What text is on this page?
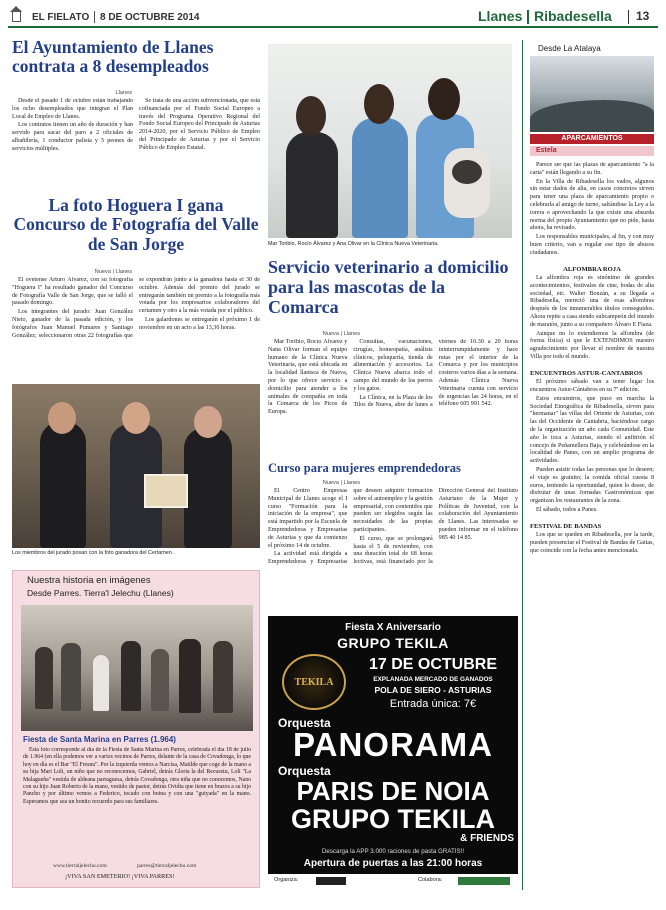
EL FIELATO 8 DE OCTUBRE 2014	Llanes Ribadesella 13
El Ayuntamiento de Llanes contrata a 8 desempleados
Llanes

Desde el pasado 1 de octubre están trabajando los ocho desempleados que integran el Plan Local de Empleo de Llanes.

Los contratos tienen un año de duración y han servido para sacar del paro a 2 oficiales de albañilería, 1 conductor palista y 5 peones de servicios múltiples.

Se trata de una acción subvencionada, que está cofinanciada por el Fondo Social Europeo a través del Programa Operativo Regional del Fondo Social Europeo del Principado de Asturias 2014-2020, por el Servicio Público de Empleo del Principado de Asturias y por el Servicio Público de Empleo Estatal.

La foto Hoguera I gana Concurso de Fotografía del Valle de San Jorge
Nueva | Llanes

El ovetense Arturo Álvarez, con su fotografía "Hoguera I" ha resultado ganador del Concurso de Fotografía Valle de San Jorge, que se falló el pasado domingo.

Los integrantes del jurado: Juan González Nieto, ganador de la pasada edición, y los fotógrafos Juan Manuel Pumares y Santiago González; seleccionaron otras 22 fotografías que se expondrán junto a la ganadora hasta el 30 de octubre. Además del premio del jurado se entregarán también un premio a la fotografía más votada por los empresarios colaboradores del certamen y otro a la más votada por el público.

Los galardones se entregarán el próximo 1 de noviembre en un acto a las 13,30 horas.

Los miembros del jurado posan con la foto ganadora del Certamen.
Nuestra historia en imágenes
Desde Parres. Tierra'l Jelechu (Llanes)
Fiesta de Santa Marina en Parres (1.964)
Esta foto corresponde al día de la Fiesta de Santa Marina en Parres, celebrada el día 18 de julio de 1.964 (en ella podemos ver a varios vecinos de Parres, delante de la casa de Covadonga, lo que hoy en día es el Bar "El Fresnu". Por la izquierda vemos a Narcisa, Matilde que coge de la mano a su hija Mari Loli, un niño que no reconocemos, Gabriel, detrás Gloria la del Recuestu, Loli "La Malagueña" vestida de aldeana parraguesa, detrás Covadonga, otra niña que no conocemos, Nano con su hijo Juan Roberto de la mano, vestido de pastor, detrás Ovidia que tiene en brazos a su hijo Pancho y por último vemos a Federico, tocado con boina y con una "guiyada" en la mano. Esperamos que sea un bonito recuerdo para sus familiares.
www.tierraljelechu.com	parres@tierraljelechu.com
¡VIVA SAN EMETERIO! ¡VIVA PARRES!
Mar Toribio, Rocío Álvarez y Ana Olivar en la Clínica Nueva Veterinaria.
Servicio veterinario a domicilio para las mascotas de la Comarca
Nueva | Llanes

Mar Toribio, Rocío Álvarez y Nana Olivar forman el equipo humano de la Clínica Nueva Veterinaria, que está ubicada en la localidad llanisca de Nueva, por lo que ofrece servicio a domicilio para atender a los animales de compañía en toda la Comarca de los Picos de Europa.

Consultas, vacunaciones, cirugías, homeopatía, análisis clínicos, peluquería, tienda de alimentación y accesorios. La Clínica Nueva abarca todo el campo del mundo de los perros y los gatos.

La Clínica, en la Plaza de los Tilos de Nueva, abre de lunes a viernes de 10.30 a 20 horas ininterrumpidamente y hace rutas por el interior de la Comarca y por los municipios costeros varios días a la semana. Además Clínica Nueva Veterinaria cuenta con servicio de urgencias las 24 horas, en el teléfono 605 991 542.

Curso para mujeres emprendedoras
Nueva | Llanes

El Centro Empresas Municipal de Llanes acoge el I curso "Formación para la iniciación de la empresa", que está impartido por la Escuela de Emprendedoras y Empresarias de Asturias y que da comienzo el próximo 14 de octubre.

La actividad está dirigida a Emprendedoras y Empresarias que deseen adquirir formación sobre el autoempleo y la gestión empresarial, con contenidos que pueden ser elegidos según las necesidades de las propias participantes.

El curso, que se prolongará hasta el 5 de noviembre, con una duración total de 68 horas lectivas, está financiado por la Dirección General del Instituto Asturiano de la Mujer y Políticas de Juventud, con la colaboración del Ayuntamiento de Llanes. Las interesadas se pueden informar en el teléfono 985 40 14 85.

Fiesta X Aniversario
GRUPO TEKILA
TEKILA
17 DE OCTUBRE
EXPLANADA MERCADO DE GANADOS
POLA DE SIERO - ASTURIAS
Entrada única: 7€
Orquesta
PANORAMA
Orquesta
PARIS DE NOIA
GRUPO TEKILA
& FRIENDS
Descarga la APP 3.000 raciones de pasta GRATIS!!
Apertura de puertas a las 21:00 horas
Organiza:	Colabora:
Desde La Atalaya
APARCAMIENTOS
Estela

Parece ser que las plazas de aparcamiento "a la carta" están llegando a su fin.

En la Villa de Ribadesella los vados, algunos sin estar dados de alta, en casos concretos sirven para tener una plaza de aparcamiento propio o celebrarla al amigo de turno, saltándose la Ley a la torera o aprovechando la que existe una absurda norma del propio Ayuntamiento que no pide, hasta ahora, ha revisado.

Los responsables municipales, al fin, y con muy buen criterio, van a regular ese tipo de abusos ciudadanos.

ALFOMBRA ROJA

La alfombra roja es sinónimo de grandes acontecimientos, festivales de cine, bodas de alta sociedad, etc. Walter Bouzán, a su llegada a Ribadesella, mereció una de esas alfombras después de los innumerables títulos conseguidos. Ahora repite a casa siendo subcampeón del mundo de maratón, junto a su compañero Álvaro E Fiaza.

Aunque no lo extendiemos la alfombra (de forma física) si que le EXTENDIMOS nuestro agradecimiento por llevar el nombre de nuestra Villa por todo el mundo.

ENCUENTROS ASTUR-CANTABROS

El próximo sábado van a tener lugar los encuentros Astur-Cántabros en su 7ª edición.

Estos encuentros, que puso en marcha la Sociedad Etnográfica de Ribadesella, sirven para "hermanar" las villas del Oriente de Asturias, con las del Occidente de Cantabria, haciéndose cargo de la organización un año cada Comunidad. Este año le toca a Asturias, siendo el anfitrión el concejo de Peñamellera Baja, y celebrándose en la localidad de Panes, con un amplio programa de actividades.

Pueden asistir todas las personas que lo deseen; el viaje es gratuito; la comida oficial cuesta 8 euros, teniendo la oportunidad, quien lo desee, de disfrutar de unas Jornadas Gastronómicas que organizan los restaurantes de la zona.

El sábado, todos a Panes.

FESTIVAL DE BANDAS

Los que se queden en Ribadesella, por la tarde, pueden presenciar el Festival de Bandas de Gaitas, que coincide con la fecha antes mencionada.
